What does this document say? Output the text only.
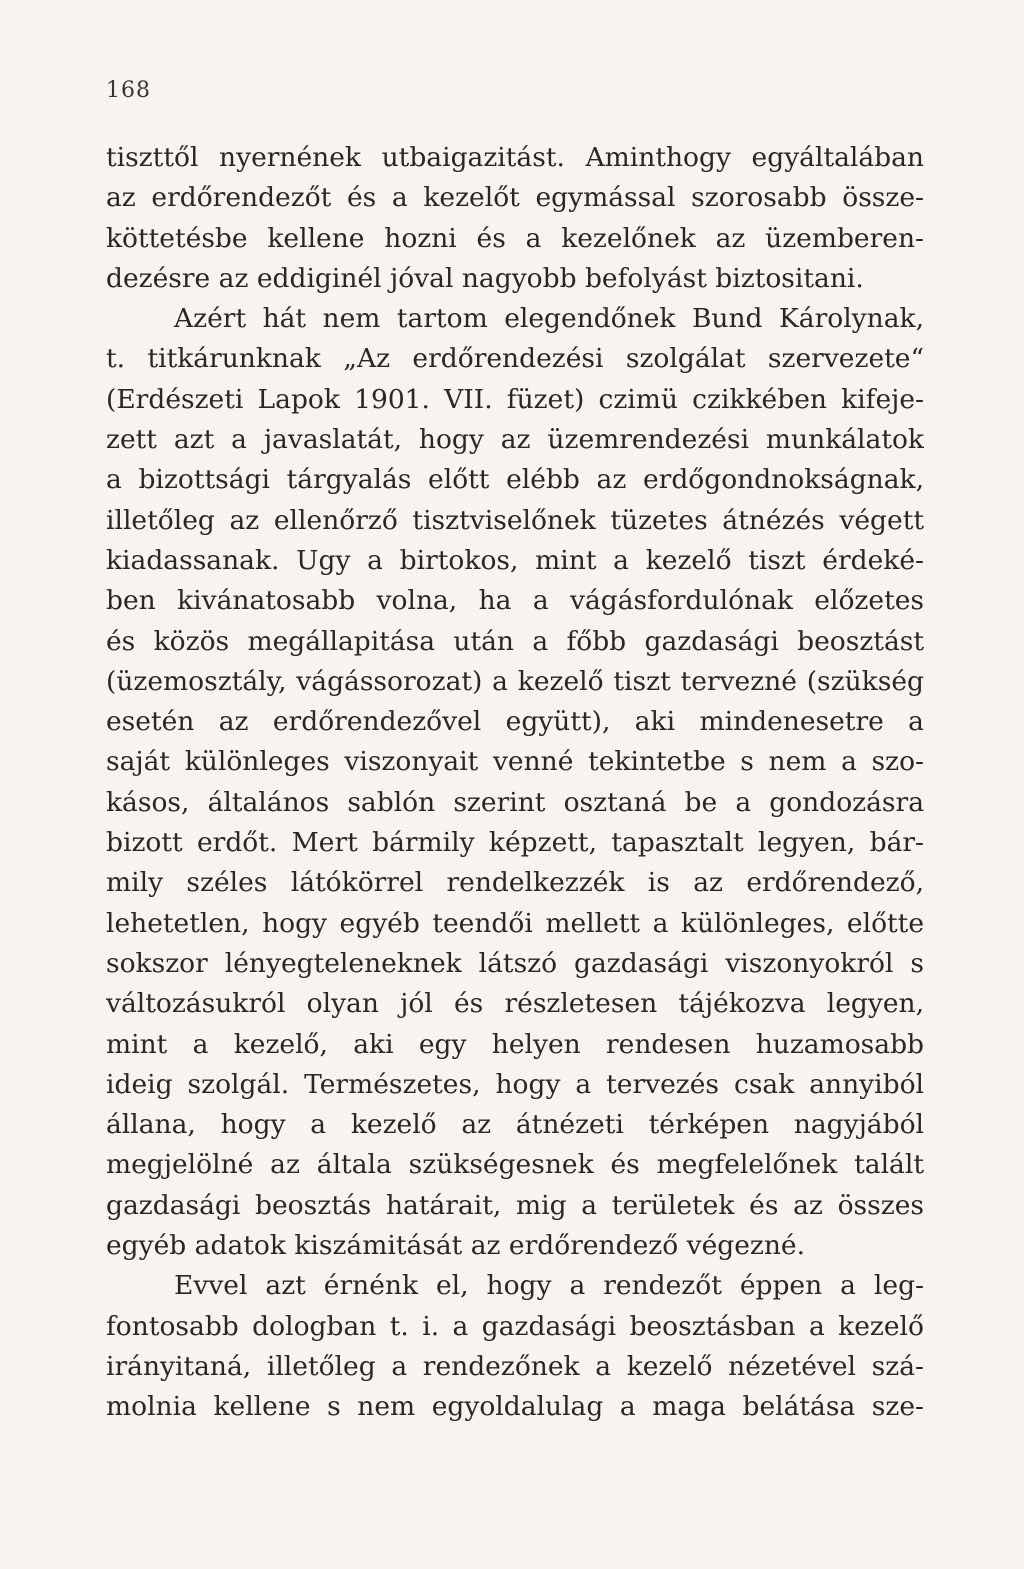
168
tiszttől nyernének utbaigazitást. Aminthogy egyáltalában
az erdőrendezőt és a kezelőt egymással szorosabb össze-
köttetésbe kellene hozni és a kezelőnek az üzemberen-
dezésre az eddiginél jóval nagyobb befolyást biztositani.
Azért hát nem tartom elegendőnek Bund Károlynak,
t. titkárunknak „Az erdőrendezési szolgálat szervezete“
(Erdészeti Lapok 1901. VII. füzet) czimü czikkében kifeje-
zett azt a javaslatát, hogy az üzemrendezési munkálatok
a bizottsági tárgyalás előtt elébb az erdőgondnokságnak,
illetőleg az ellenőrző tisztviselőnek tüzetes átnézés végett
kiadassanak. Ugy a birtokos, mint a kezelő tiszt érdeké-
ben kivánatosabb volna, ha a vágásfordulónak előzetes
és közös megállapitása után a főbb gazdasági beosztást
(üzemosztály, vágássorozat) a kezelő tiszt tervezné (szükség
esetén az erdőrendezővel együtt), aki mindenesetre a
saját különleges viszonyait venné tekintetbe s nem a szo-
kásos, általános sablón szerint osztaná be a gondozásra
bizott erdőt. Mert bármily képzett, tapasztalt legyen, bár-
mily széles látókörrel rendelkezzék is az erdőrendező,
lehetetlen, hogy egyéb teendői mellett a különleges, előtte
sokszor lényegteleneknek látszó gazdasági viszonyokról s
változásukról olyan jól és részletesen tájékozva legyen,
mint a kezelő, aki egy helyen rendesen huzamosabb
ideig szolgál. Természetes, hogy a tervezés csak annyiból
állana, hogy a kezelő az átnézeti térképen nagyjából
megjelölné az általa szükségesnek és megfelelőnek talált
gazdasági beosztás határait, mig a területek és az összes
egyéb adatok kiszámitását az erdőrendező végezné.
Evvel azt érnénk el, hogy a rendezőt éppen a leg-
fontosabb dologban t. i. a gazdasági beosztásban a kezelő
irányitaná, illetőleg a rendezőnek a kezelő nézetével szá-
molnia kellene s nem egyoldalulag a maga belátása sze-
